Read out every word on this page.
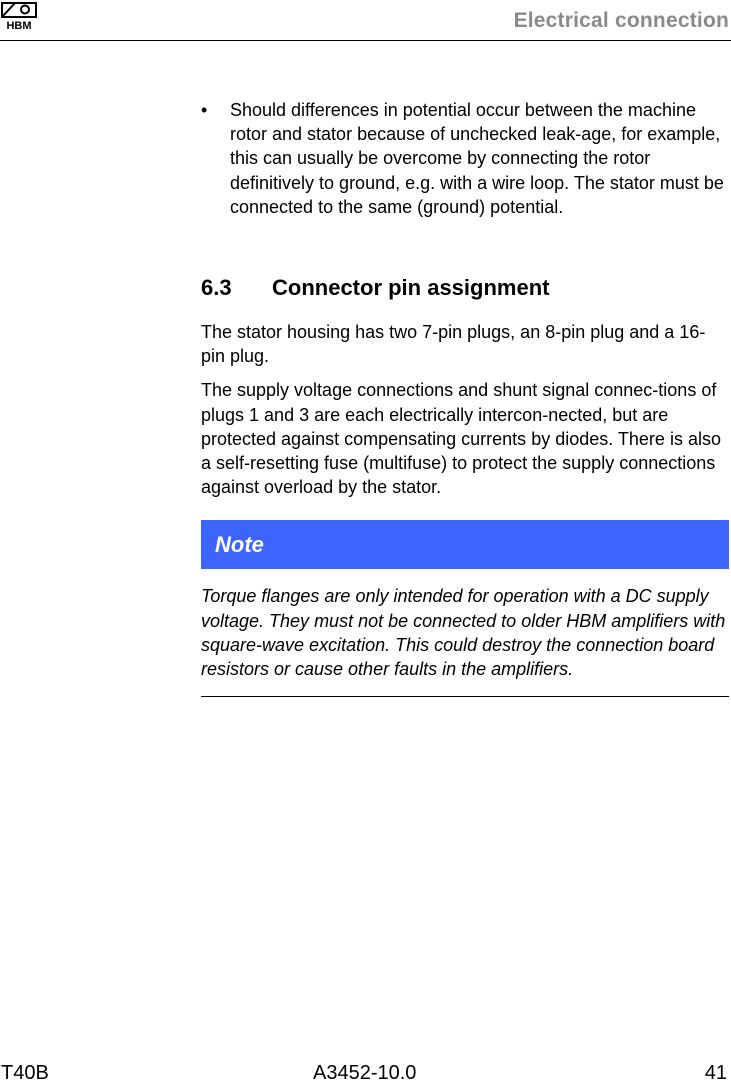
HBM	Electrical connection
• Should differences in potential occur between the machine rotor and stator because of unchecked leak-age, for example, this can usually be overcome by connecting the rotor definitively to ground, e.g. with a wire loop. The stator must be connected to the same (ground) potential.
6.3 Connector pin assignment
The stator housing has two 7-pin plugs, an 8-pin plug and a 16-pin plug.
The supply voltage connections and shunt signal connec-tions of plugs 1 and 3 are each electrically intercon-nected, but are protected against compensating currents by diodes. There is also a self-resetting fuse (multifuse) to protect the supply connections against overload by the stator.
Note
Torque flanges are only intended for operation with a DC supply voltage. They must not be connected to older HBM amplifiers with square-wave excitation. This could destroy the connection board resistors or cause other faults in the amplifiers.
T40B	A3452-10.0	41
